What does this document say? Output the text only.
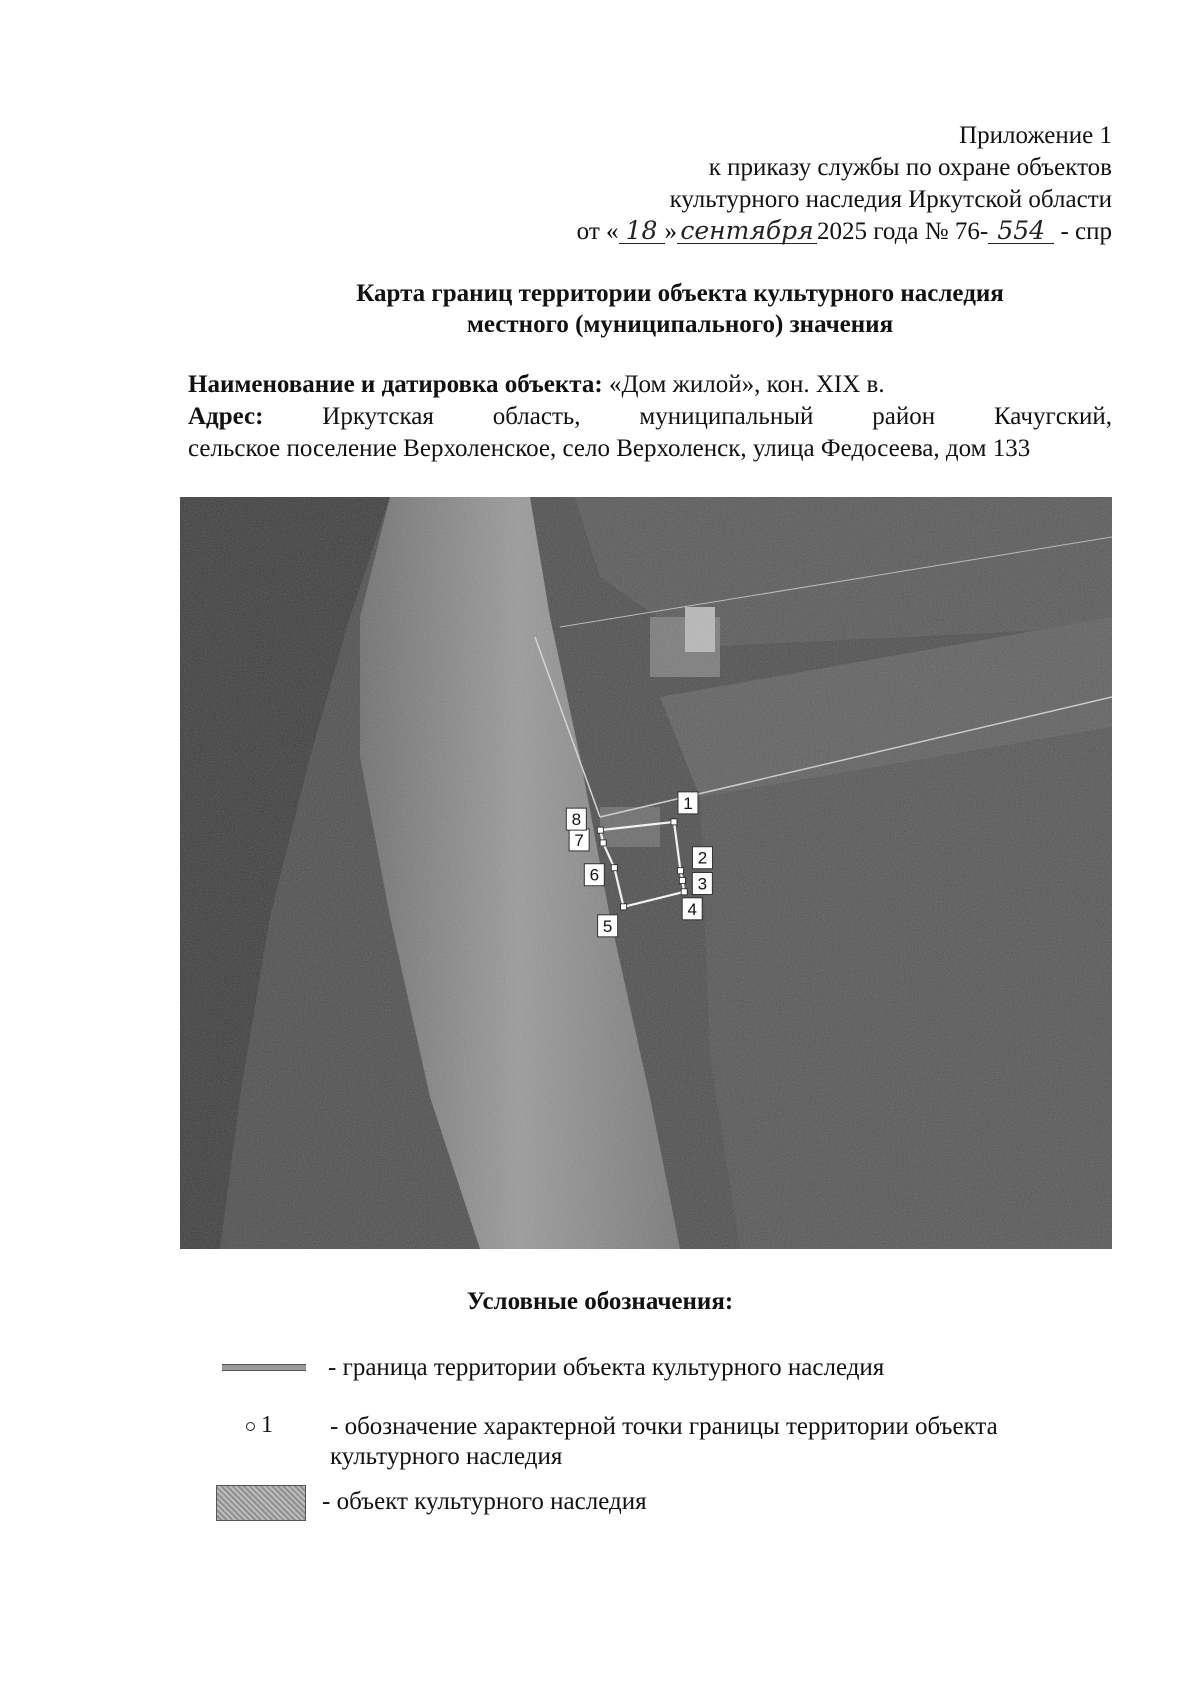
Приложение 1
к приказу службы по охране объектов
культурного наследия Иркутской области
от « 18 » сентября 2025 года № 76- 554 - спр
Карта границ территории объекта культурного наследия
местного (муниципального) значения
Наименование и датировка объекта: «Дом жилой», кон. XIX в.
Адрес: Иркутская область, муниципальный район Качугский,
сельское поселение Верхоленское, село Верхоленск, улица Федосеева, дом 133
1
2
3
4
5
6
7
8
Условные обозначения:
- граница территории объекта культурного наследия
1 - обозначение характерной точки границы территории объекта
культурного наследия
- объект культурного наследия
